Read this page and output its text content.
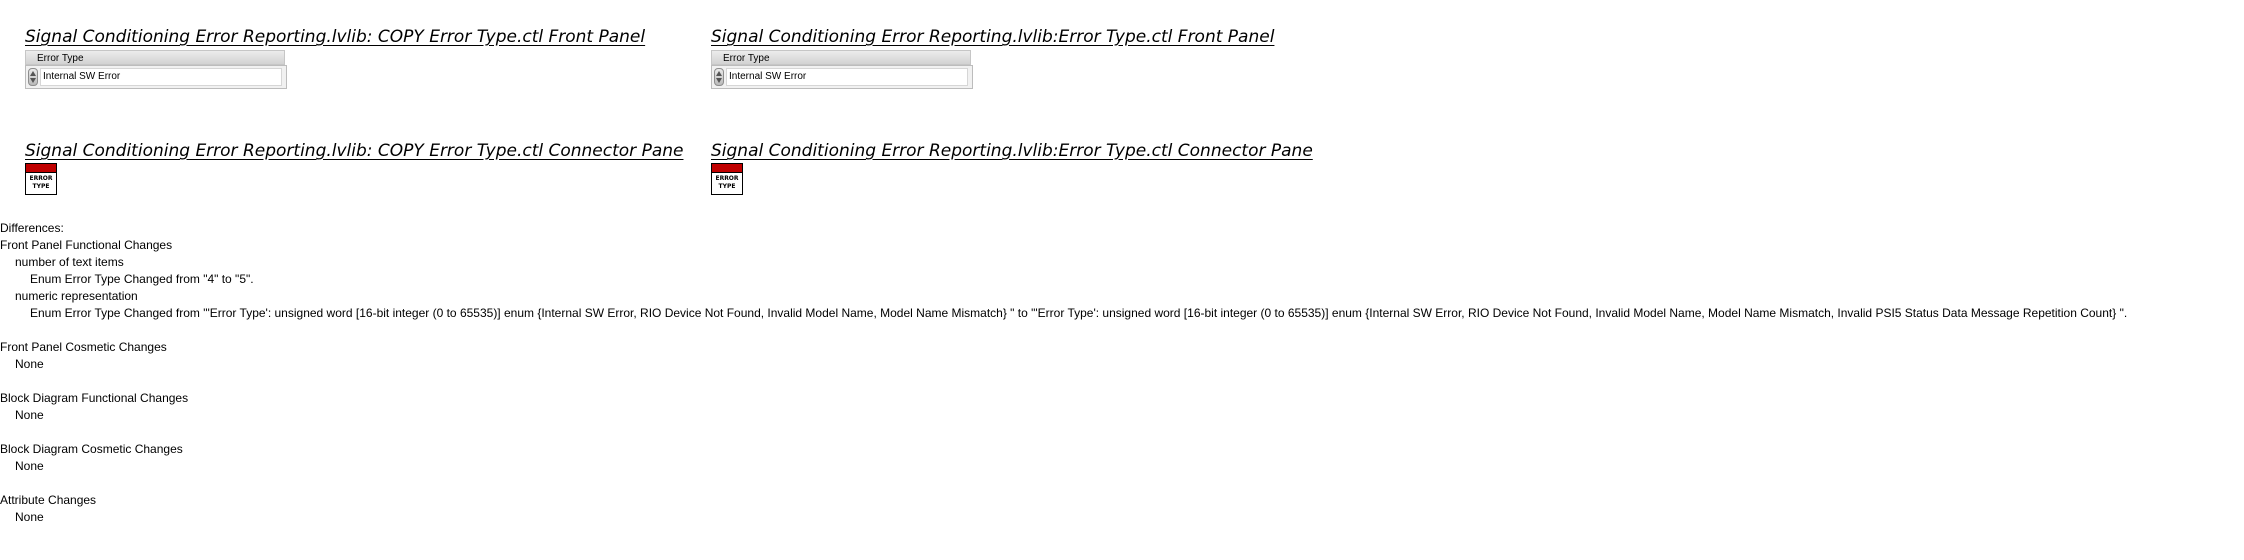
Signal Conditioning Error Reporting.lvlib: COPY Error Type.ctl Front Panel
Error Type
Internal SW Error
Signal Conditioning Error Reporting.lvlib: COPY Error Type.ctl Connector Pane
ERROR
TYPE
Signal Conditioning Error Reporting.lvlib:Error Type.ctl Front Panel
Error Type
Internal SW Error
Signal Conditioning Error Reporting.lvlib:Error Type.ctl Connector Pane
ERROR
TYPE
Differences:
Front Panel Functional Changes
number of text items
Enum Error Type Changed from "4" to "5".
numeric representation
Enum Error Type Changed from "'Error Type': unsigned word [16-bit integer (0 to 65535)] enum {Internal SW Error, RIO Device Not Found, Invalid Model Name, Model Name Mismatch} " to "'Error Type': unsigned word [16-bit integer (0 to 65535)] enum {Internal SW Error, RIO Device Not Found, Invalid Model Name, Model Name Mismatch, Invalid PSI5 Status Data Message Repetition Count} ".
Front Panel Cosmetic Changes
None
Block Diagram Functional Changes
None
Block Diagram Cosmetic Changes
None
Attribute Changes
None
